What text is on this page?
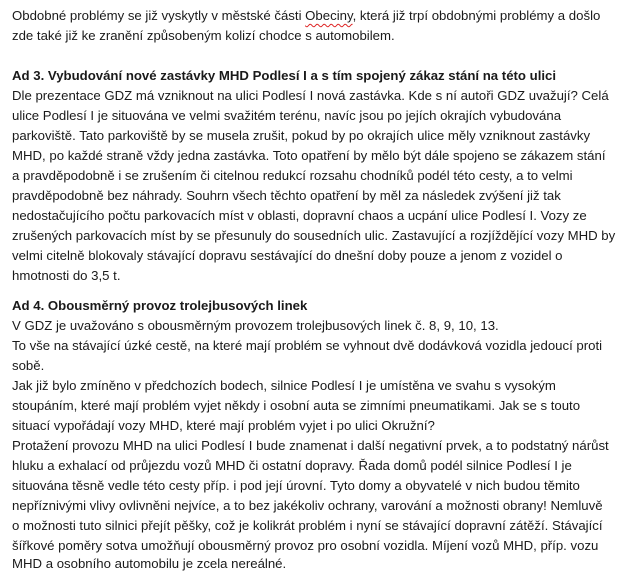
Obdobné problémy se již vyskytly v městské části Obeciny, která již trpí obdobnými problémy a došlo
zde také již ke zranění způsobeným kolizí chodce s automobilem.
Ad 3. Vybudování nové zastávky MHD Podlesí I a s tím spojený zákaz stání na této ulici
Dle prezentace GDZ má vzniknout na ulici Podlesí I nová zastávka. Kde s ní autoři GDZ uvažují? Celá
ulice Podlesí I je situována ve velmi svažitém terénu, navíc jsou po jejích okrajích vybudována
parkoviště. Tato parkoviště by se musela zrušit, pokud by po okrajích ulice měly vzniknout zastávky
MHD, po každé straně vždy jedna zastávka. Toto opatření by mělo být dále spojeno se zákazem stání
a pravděpodobně i se zrušením či citelnou redukcí rozsahu chodníků podél této cesty, a to velmi
pravděpodobně bez náhrady. Souhrn všech těchto opatření by měl za následek zvýšení již tak
nedostačujícího počtu parkovacích míst v oblasti, dopravní chaos a ucpání ulice Podlesí I. Vozy ze
zrušených parkovacích míst by se přesunuly do sousedních ulic. Zastavující a rozjíždějící vozy MHD by
velmi citelně blokovaly stávající dopravu sestávající do dnešní doby pouze a jenom z vozidel o
hmotnosti do 3,5 t.
Ad 4. Obousměrný provoz trolejbusových linek
V GDZ je uvažováno s obousměrným provozem trolejbusových linek č. 8, 9, 10, 13.
To vše na stávající úzké cestě, na které mají problém se vyhnout dvě dodávková vozidla jedoucí proti
sobě.
Jak již bylo zmíněno v předchozích bodech, silnice Podlesí I je umístěna ve svahu s vysokým
stoupáním, které mají problém vyjet někdy i osobní auta se zimními pneumatikami. Jak se s touto
situací vypořádají vozy MHD, které mají problém vyjet i po ulici Okružní?
Protažení provozu MHD na ulici Podlesí I bude znamenat i další negativní prvek, a to podstatný nárůst
hluku a exhalací od průjezdu vozů MHD či ostatní dopravy. Řada domů podél silnice Podlesí I je
situována těsně vedle této cesty příp. i pod její úrovní. Tyto domy a obyvatelé v nich budou těmito
nepříznivými vlivy ovlivněni nejvíce, a to bez jakékoliv ochrany, varování a možnosti obrany! Nemluvě
o možnosti tuto silnici přejít pěšky, což je kolikrát problém i nyní se stávající dopravní zátěží. Stávající
šířkové poměry sotva umožňují obousměrný provoz pro osobní vozidla. Míjení vozů MHD, příp. vozu
MHD a osobního automobilu je zcela nereálné.
